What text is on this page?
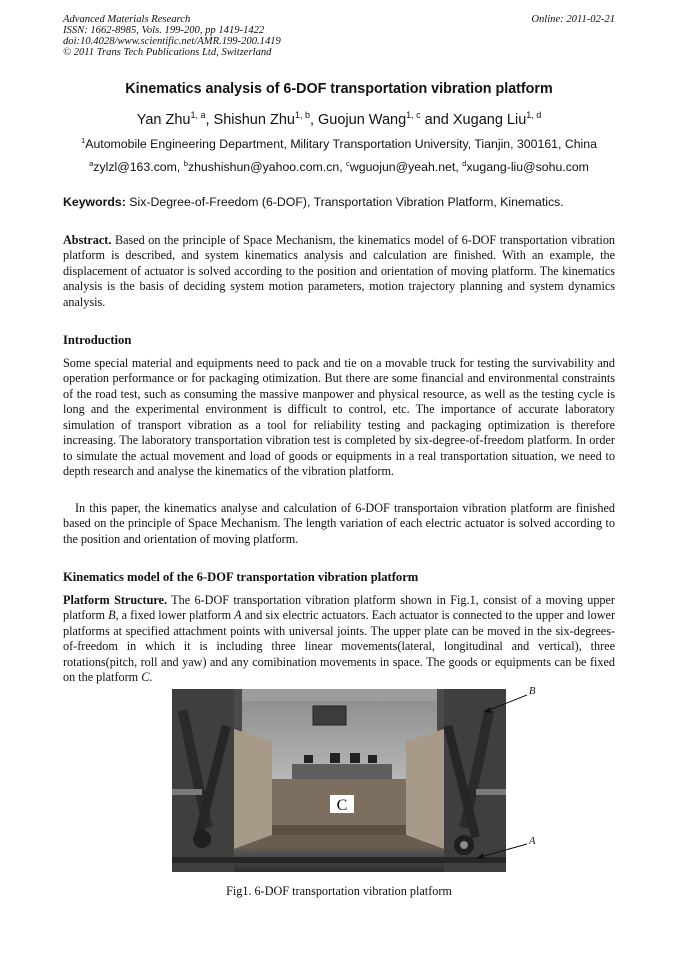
Advanced Materials Research
ISSN: 1662-8985, Vols. 199-200, pp 1419-1422
doi:10.4028/www.scientific.net/AMR.199-200.1419
© 2011 Trans Tech Publications Ltd, Switzerland
Online: 2011-02-21
Kinematics analysis of 6-DOF transportation vibration platform
Yan Zhu$^{1, a}$, Shishun Zhu$^{1, b}$, Guojun Wang$^{1, c}$ and Xugang Liu$^{1, d}$
$^1$Automobile Engineering Department, Military Transportation University, Tianjin, 300161, China
$^a$zylzl@163.com, $^b$zhushishun@yahoo.com.cn, $^c$wguojun@yeah.net, $^d$xugang-liu@sohu.com
Keywords: Six-Degree-of-Freedom (6-DOF), Transportation Vibration Platform, Kinematics.
Abstract. Based on the principle of Space Mechanism, the kinematics model of 6-DOF transportation vibration platform is described, and system kinematics analysis and calculation are finished. With an example, the displacement of actuator is solved according to the position and orientation of moving platform. The kinematics analysis is the basis of deciding system motion parameters, motion trajectory planning and system dynamics analysis.
Introduction
Some special material and equipments need to pack and tie on a movable truck for testing the survivability and operation performance or for packaging otimization. But there are some financial and environmental constraints of the road test, such as consuming the massive manpower and physical resource, as well as the testing cycle is long and the experimental environment is difficult to control, etc. The importance of accurate laboratory simulation of transport vibration as a tool for reliability testing and packaging optimization is therefore increasing. The laboratory transportation vibration test is completed by six-degree-of-freedom platform. In order to simulate the actual movement and load of goods or equipments in a real transportation situation, we need to depth research and analyse the kinematics of the vibration platform.
In this paper, the kinematics analyse and calculation of 6-DOF transportaion vibration platform are finished based on the principle of Space Mechanism. The length variation of each electric actuator is solved according to the position and orientation of moving platform.
Kinematics model of the 6-DOF transportation vibration platform
Platform Structure. The 6-DOF transportation vibration platform shown in Fig.1, consist of a moving upper platform B, a fixed lower platform A and six electric actuators. Each actuator is connected to the upper and lower platforms at specified attachment points with universal joints. The upper plate can be moved in the six-degrees-of-freedom in which it is including three linear movements(lateral, longitudinal and vertical), three rotations(pitch, roll and yaw) and any comibination movements in space. The goods or equipments can be fixed on the platform C.
C
B
A
Fig1. 6-DOF transportation vibration platform
